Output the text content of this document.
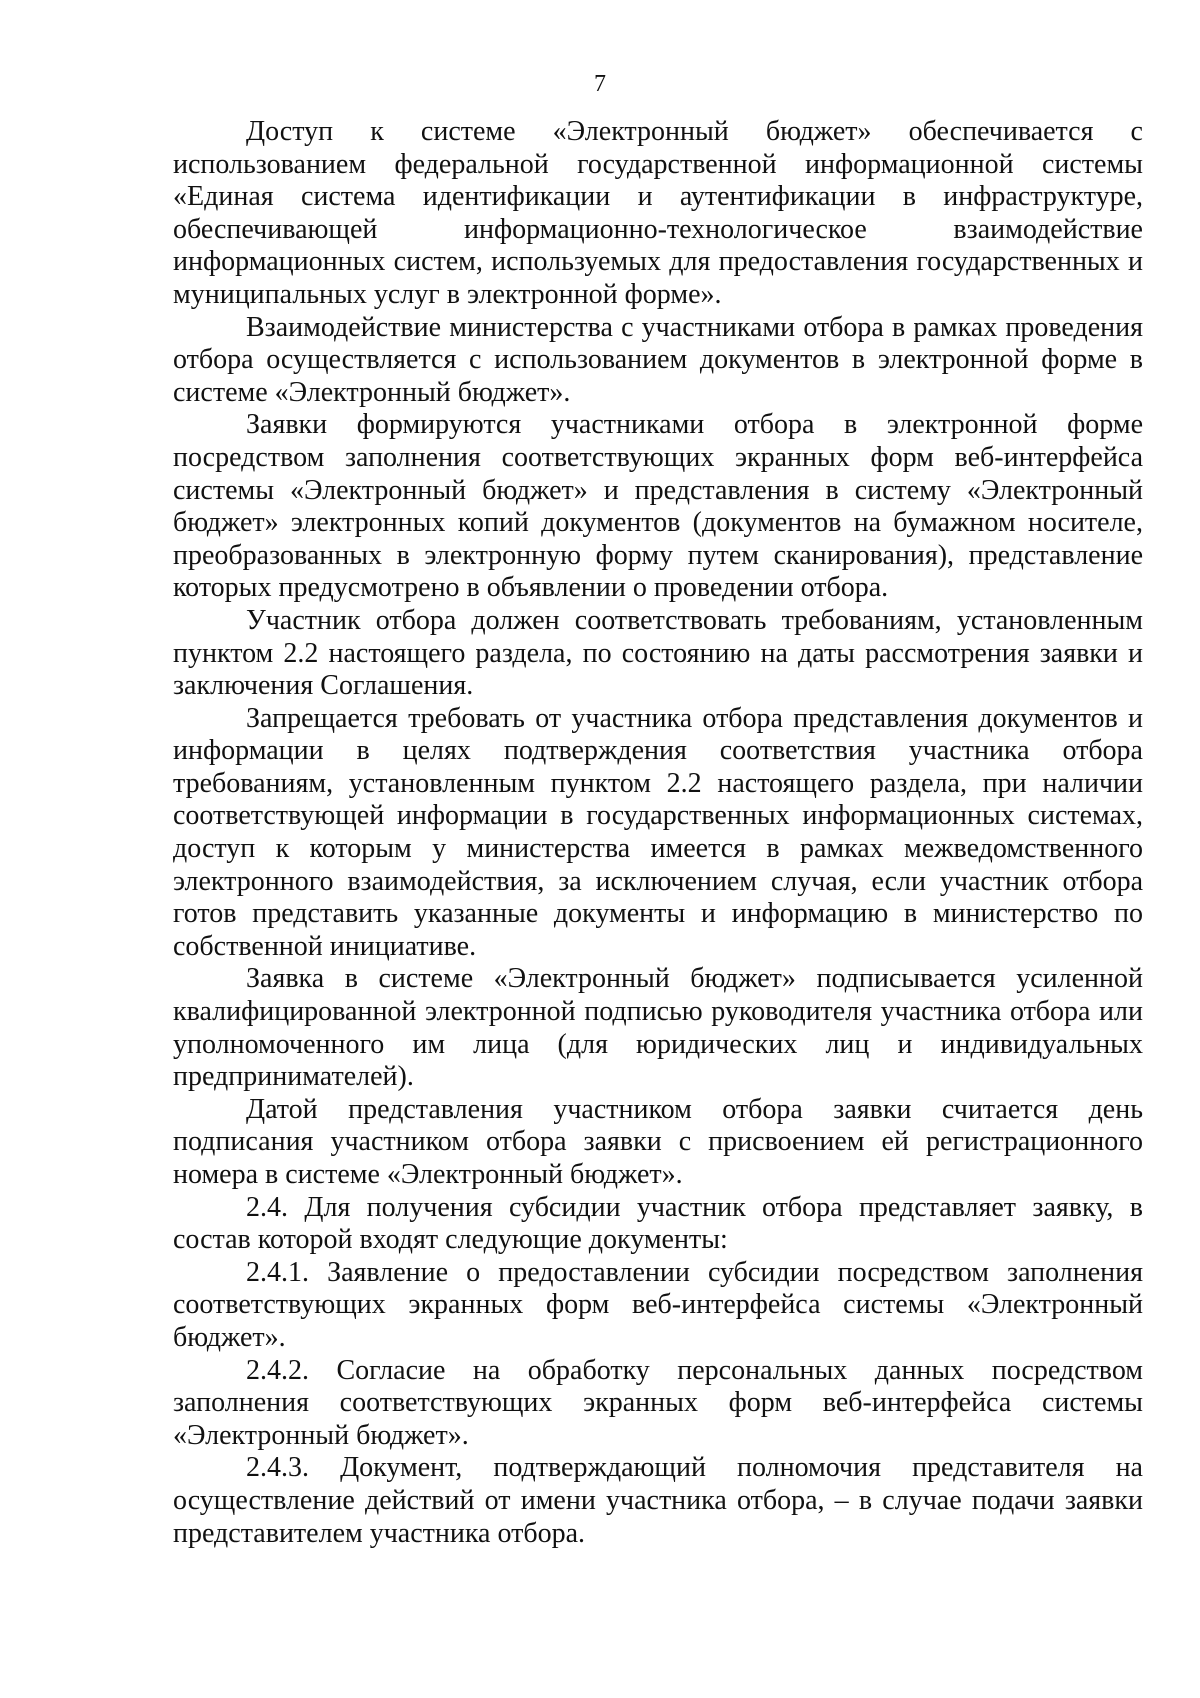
7

Доступ к системе «Электронный бюджет» обеспечивается с использованием федеральной государственной информационной системы «Единая система идентификации и аутентификации в инфраструктуре, обеспечивающей информационно-технологическое взаимодействие информационных систем, используемых для предоставления государственных и муниципальных услуг в электронной форме».

Взаимодействие министерства с участниками отбора в рамках проведения отбора осуществляется с использованием документов в электронной форме в системе «Электронный бюджет».

Заявки формируются участниками отбора в электронной форме посредством заполнения соответствующих экранных форм веб-интерфейса системы «Электронный бюджет» и представления в систему «Электронный бюджет» электронных копий документов (документов на бумажном носителе, преобразованных в электронную форму путем сканирования), представление которых предусмотрено в объявлении о проведении отбора.

Участник отбора должен соответствовать требованиям, установленным пунктом 2.2 настоящего раздела, по состоянию на даты рассмотрения заявки и заключения Соглашения.

Запрещается требовать от участника отбора представления документов и информации в целях подтверждения соответствия участника отбора требованиям, установленным пунктом 2.2 настоящего раздела, при наличии соответствующей информации в государственных информационных системах, доступ к которым у министерства имеется в рамках межведомственного электронного взаимодействия, за исключением случая, если участник отбора готов представить указанные документы и информацию в министерство по собственной инициативе.

Заявка в системе «Электронный бюджет» подписывается усиленной квалифицированной электронной подписью руководителя участника отбора или уполномоченного им лица (для юридических лиц и индивидуальных предпринимателей).

Датой представления участником отбора заявки считается день подписания участником отбора заявки с присвоением ей регистрационного номера в системе «Электронный бюджет».

2.4. Для получения субсидии участник отбора представляет заявку, в состав которой входят следующие документы:

2.4.1. Заявление о предоставлении субсидии посредством заполнения соответствующих экранных форм веб-интерфейса системы «Электронный бюджет».

2.4.2. Согласие на обработку персональных данных посредством заполнения соответствующих экранных форм веб-интерфейса системы «Электронный бюджет».

2.4.3. Документ, подтверждающий полномочия представителя на осуществление действий от имени участника отбора, – в случае подачи заявки представителем участника отбора.
